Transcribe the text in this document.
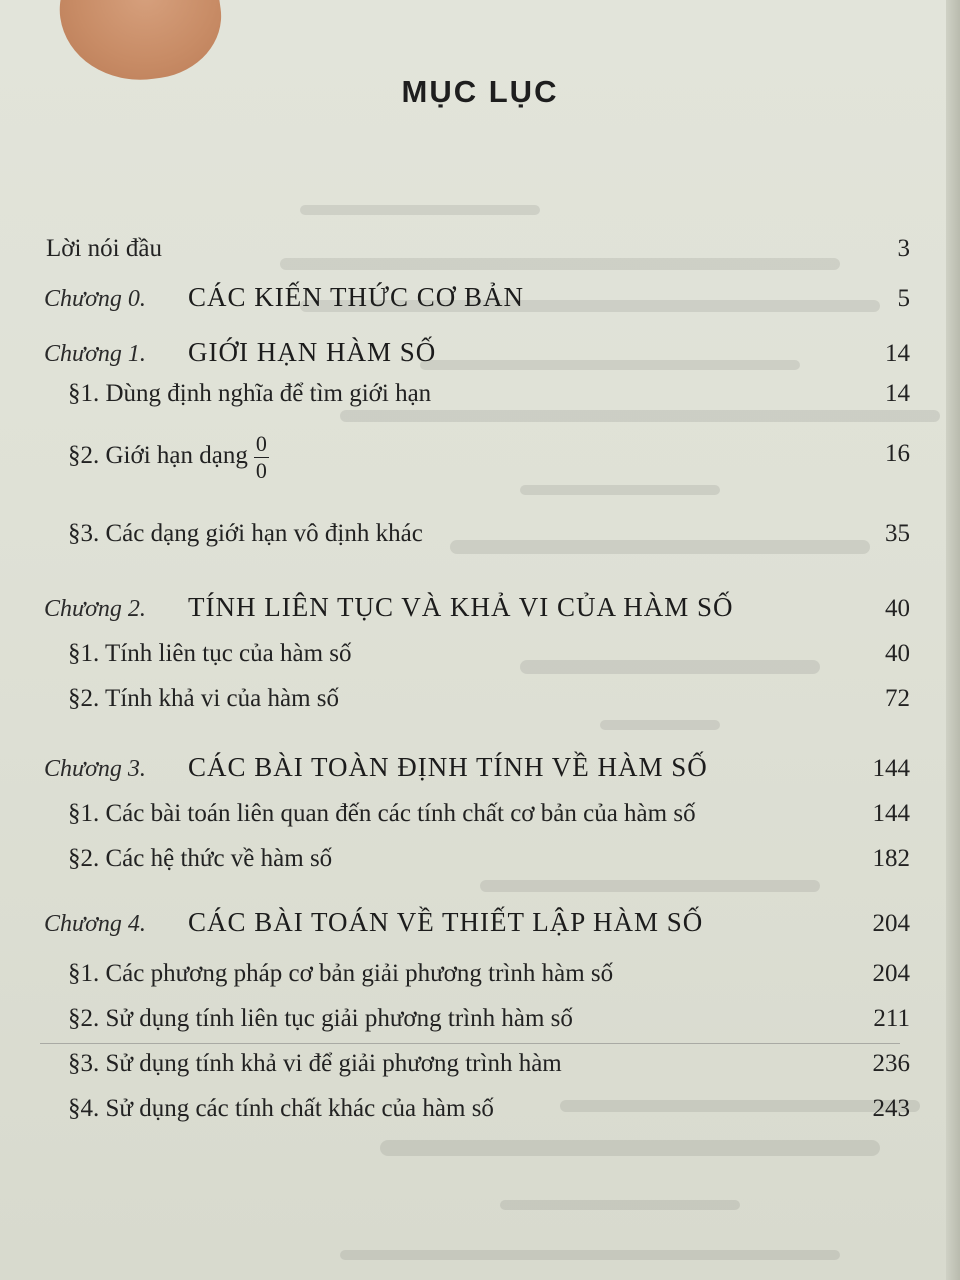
MỤC LỤC
Lời nói đầu	3
Chương 0. CÁC KIẾN THỨC CƠ BẢN	5
Chương 1. GIỚI HẠN HÀM SỐ	14
§1. Dùng định nghĩa để tìm giới hạn	14
§2. Giới hạn dạng $\frac{0}{0}$	16
§3. Các dạng giới hạn vô định khác	35
Chương 2. TÍNH LIÊN TỤC VÀ KHẢ VI CỦA HÀM SỐ	40
§1. Tính liên tục của hàm số	40
§2. Tính khả vi của hàm số	72
Chương 3. CÁC BÀI TOÀN ĐỊNH TÍNH VỀ HÀM SỐ	144
§1. Các bài toán liên quan đến các tính chất cơ bản của hàm số	144
§2. Các hệ thức về hàm số	182
Chương 4. CÁC BÀI TOÁN VỀ THIẾT LẬP HÀM SỐ	204
§1. Các phương pháp cơ bản giải phương trình hàm số	204
§2. Sử dụng tính liên tục giải phương trình hàm số	211
§3. Sử dụng tính khả vi để giải phương trình hàm	236
§4. Sử dụng các tính chất khác của hàm số	243
